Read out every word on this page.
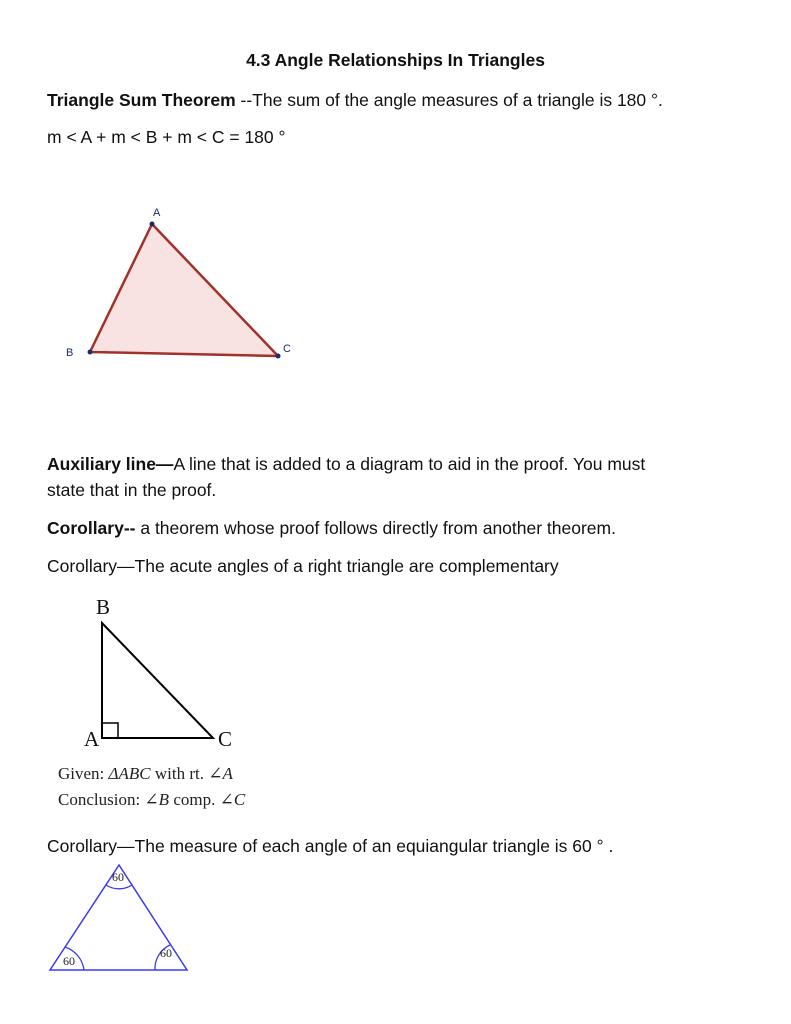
4.3 Angle Relationships In Triangles
Triangle Sum Theorem --The sum of the angle measures of a triangle is 180 °.
m < A + m < B + m < C = 180 °
A
B	C
Auxiliary line—A line that is added to a diagram to aid in the proof. You must
state that in the proof.
Corollary-- a theorem whose proof follows directly from another theorem.
Corollary—The acute angles of a right triangle are complementary
B
A	C
Given: ΔABC with rt. ∠A
Conclusion: ∠B comp. ∠C
Corollary—The measure of each angle of an equiangular triangle is 60 ° .
60
60
60
